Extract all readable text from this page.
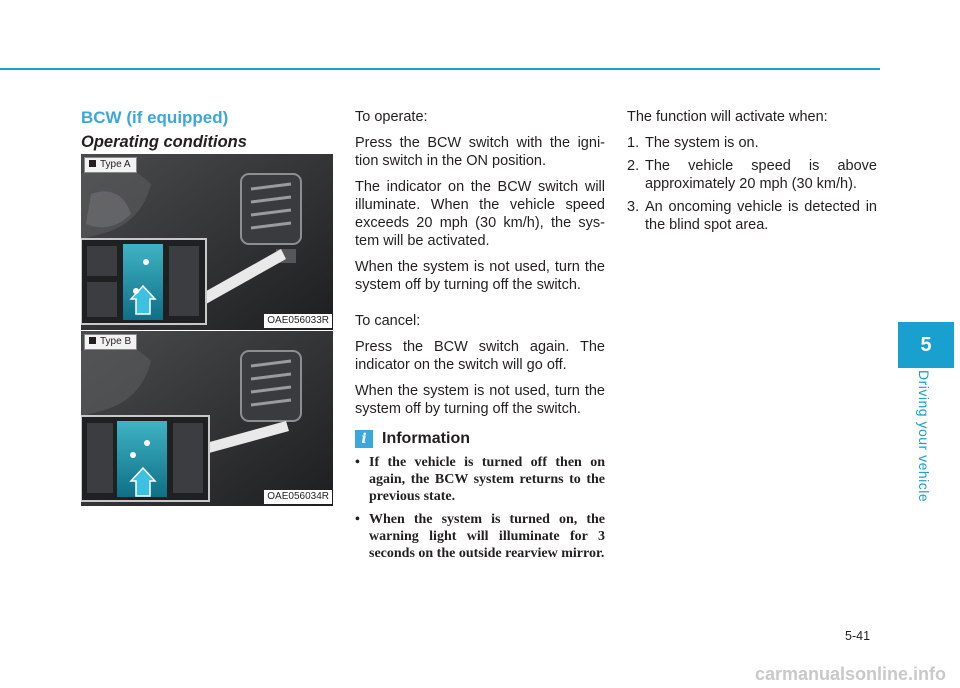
BCW (if equipped)
Operating conditions
Type A
OAE056033R
Type B
OAE056034R

To operate:

Press the BCW switch with the igni-tion switch in the ON position.

The indicator on the BCW switch will illuminate. When the vehicle speed exceeds 20 mph (30 km/h), the sys-tem will be activated.

When the system is not used, turn the system off by turning off the switch.

To cancel:

Press the BCW switch again. The indicator on the switch will go off.

When the system is not used, turn the system off by turning off the switch.

i Information
• If the vehicle is turned off then on again, the BCW system returns to the previous state.
• When the system is turned on, the warning light will illuminate for 3 seconds on the outside rearview mirror.

The function will activate when:

1. The system is on.
2. The vehicle speed is above approximately 20 mph (30 km/h).
3. An oncoming vehicle is detected in the blind spot area.
5
Driving your vehicle
5-41
carmanualsonline.info
